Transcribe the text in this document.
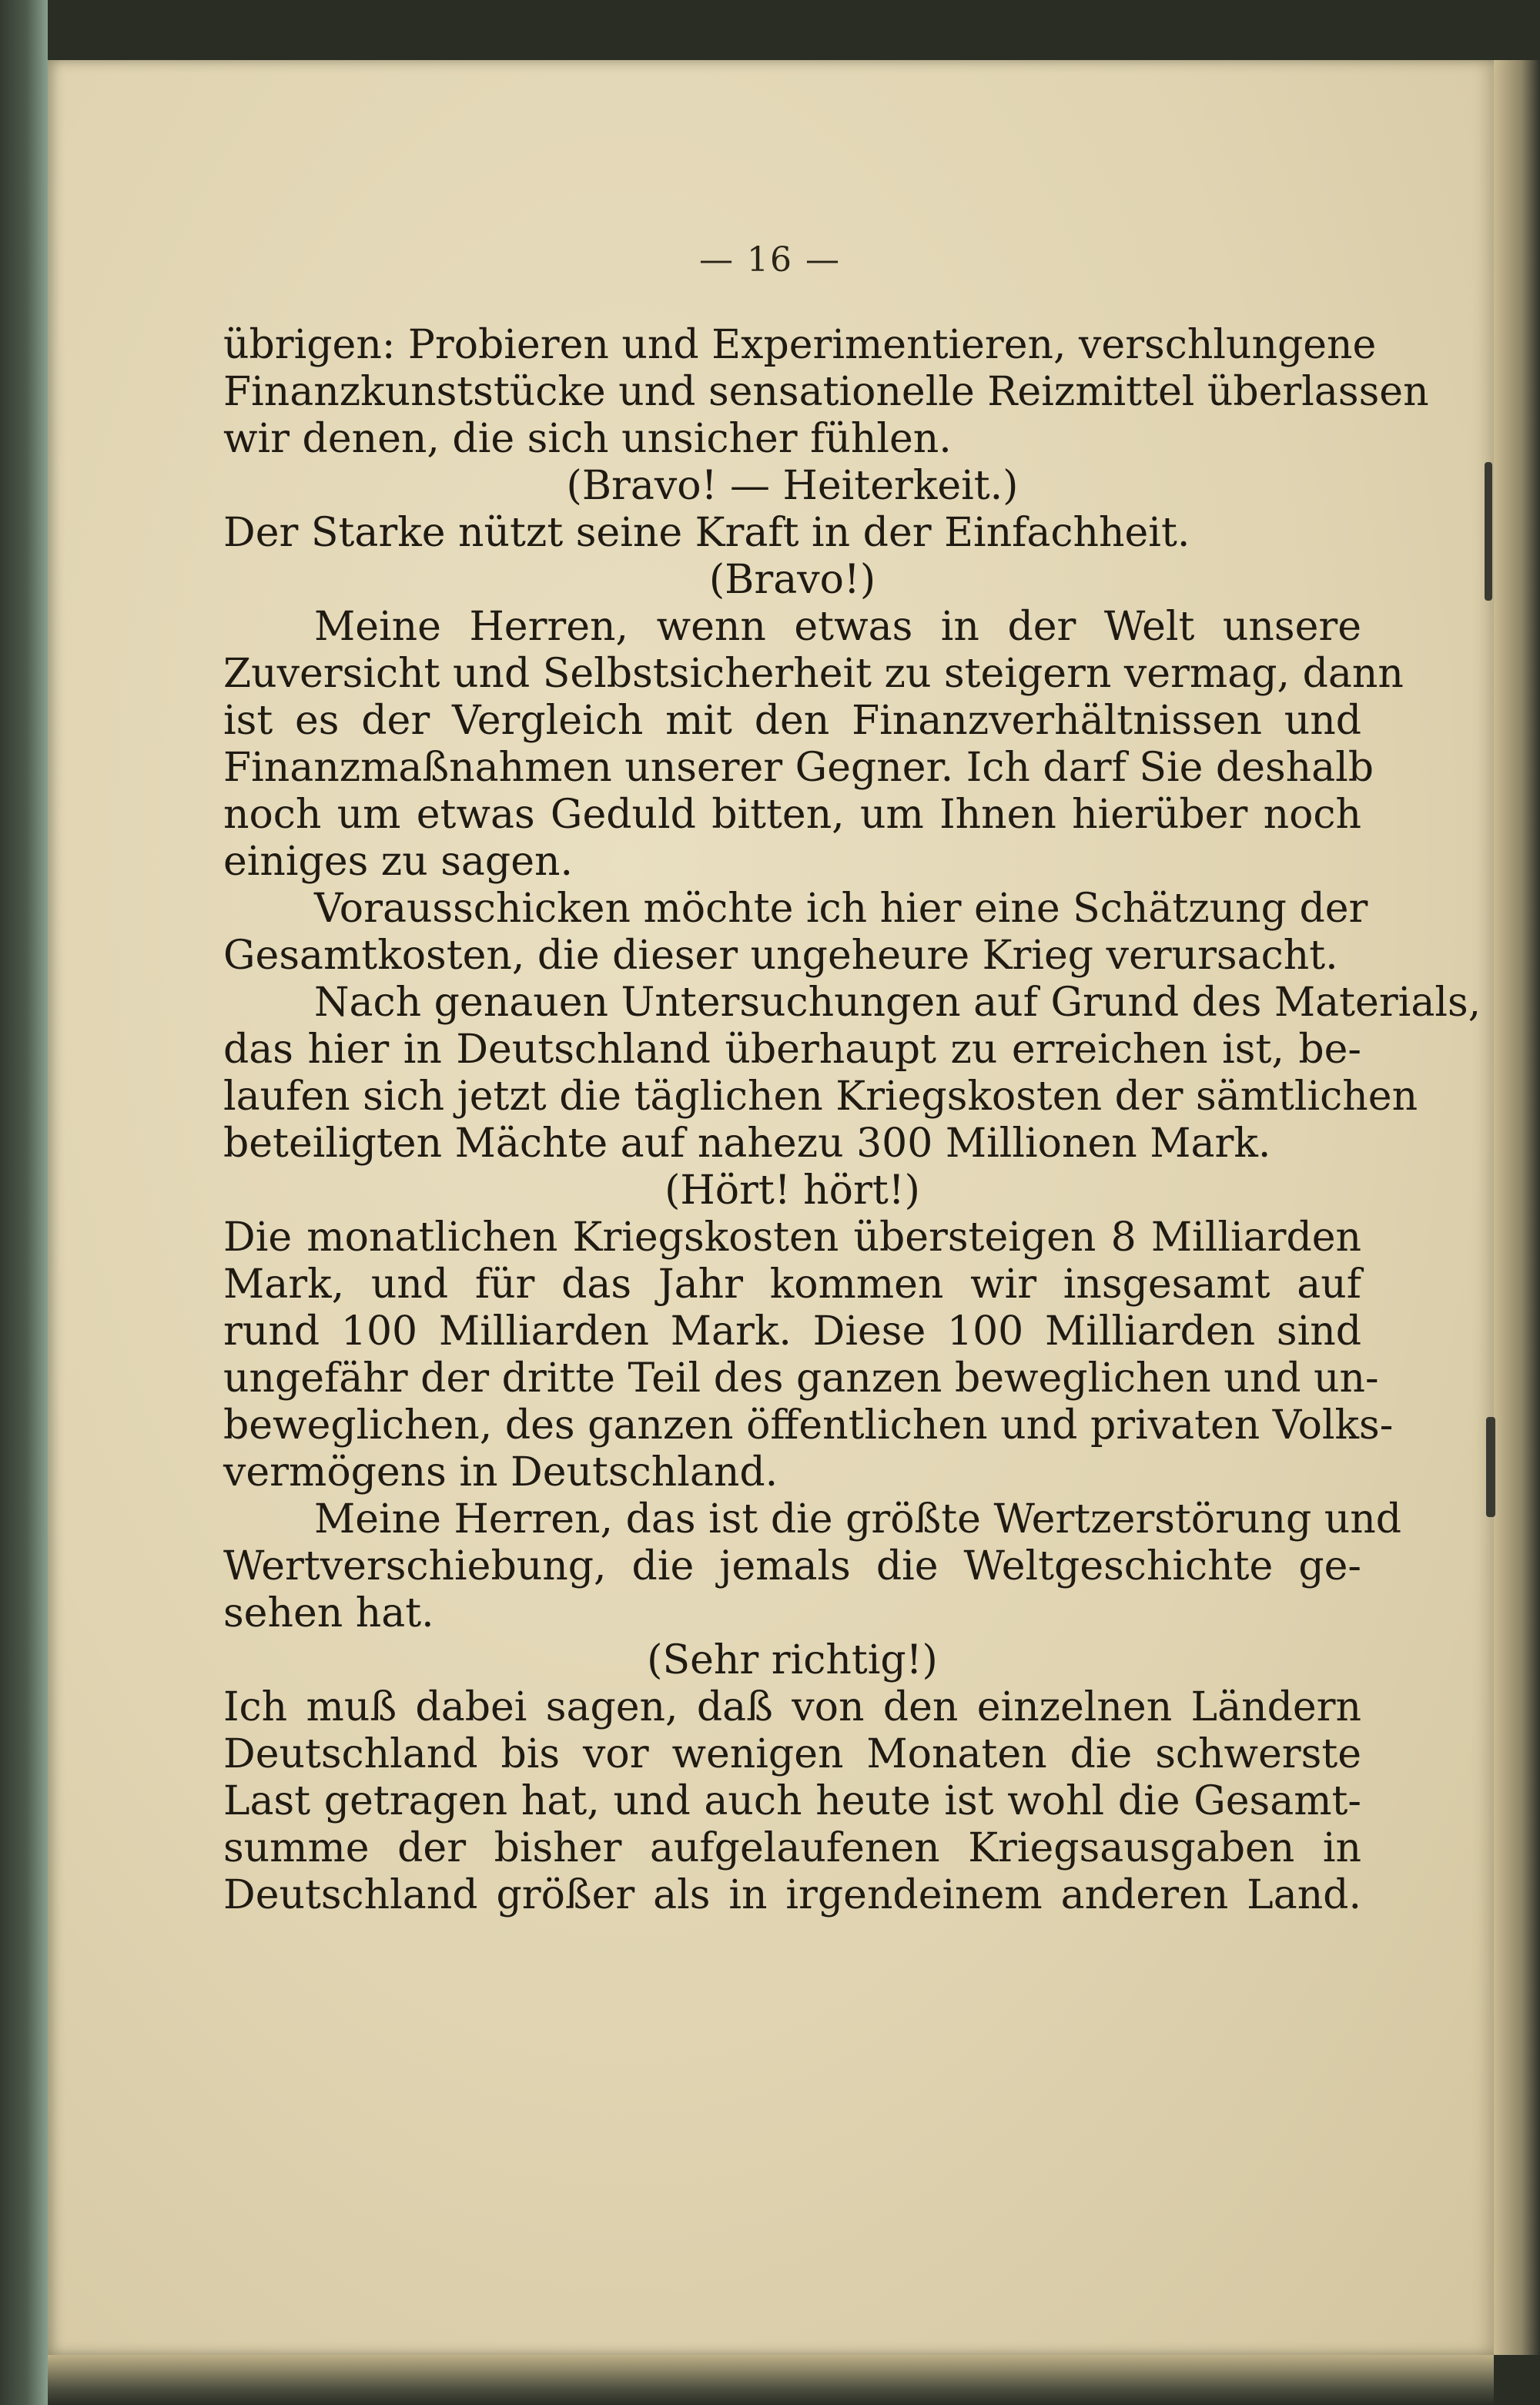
— 16 —
übrigen: Probieren und Experimentieren, verschlungene
Finanzkunststücke und sensationelle Reizmittel überlassen
wir denen, die sich unsicher fühlen.
(Bravo! — Heiterkeit.)
Der Starke nützt seine Kraft in der Einfachheit.
(Bravo!)
Meine Herren, wenn etwas in der Welt unsere
Zuversicht und Selbstsicherheit zu steigern vermag, dann
ist es der Vergleich mit den Finanzverhältnissen und
Finanzmaßnahmen unserer Gegner. Ich darf Sie deshalb
noch um etwas Geduld bitten, um Ihnen hierüber noch
einiges zu sagen.
Vorausschicken möchte ich hier eine Schätzung der
Gesamtkosten, die dieser ungeheure Krieg verursacht.
Nach genauen Untersuchungen auf Grund des Materials,
das hier in Deutschland überhaupt zu erreichen ist, be-
laufen sich jetzt die täglichen Kriegskosten der sämtlichen
beteiligten Mächte auf nahezu 300 Millionen Mark.
(Hört! hört!)
Die monatlichen Kriegskosten übersteigen 8 Milliarden
Mark, und für das Jahr kommen wir insgesamt auf
rund 100 Milliarden Mark. Diese 100 Milliarden sind
ungefähr der dritte Teil des ganzen beweglichen und un-
beweglichen, des ganzen öffentlichen und privaten Volks-
vermögens in Deutschland.
Meine Herren, das ist die größte Wertzerstörung und
Wertverschiebung, die jemals die Weltgeschichte ge-
sehen hat.
(Sehr richtig!)
Ich muß dabei sagen, daß von den einzelnen Ländern
Deutschland bis vor wenigen Monaten die schwerste
Last getragen hat, und auch heute ist wohl die Gesamt-
summe der bisher aufgelaufenen Kriegsausgaben in
Deutschland größer als in irgendeinem anderen Land.
